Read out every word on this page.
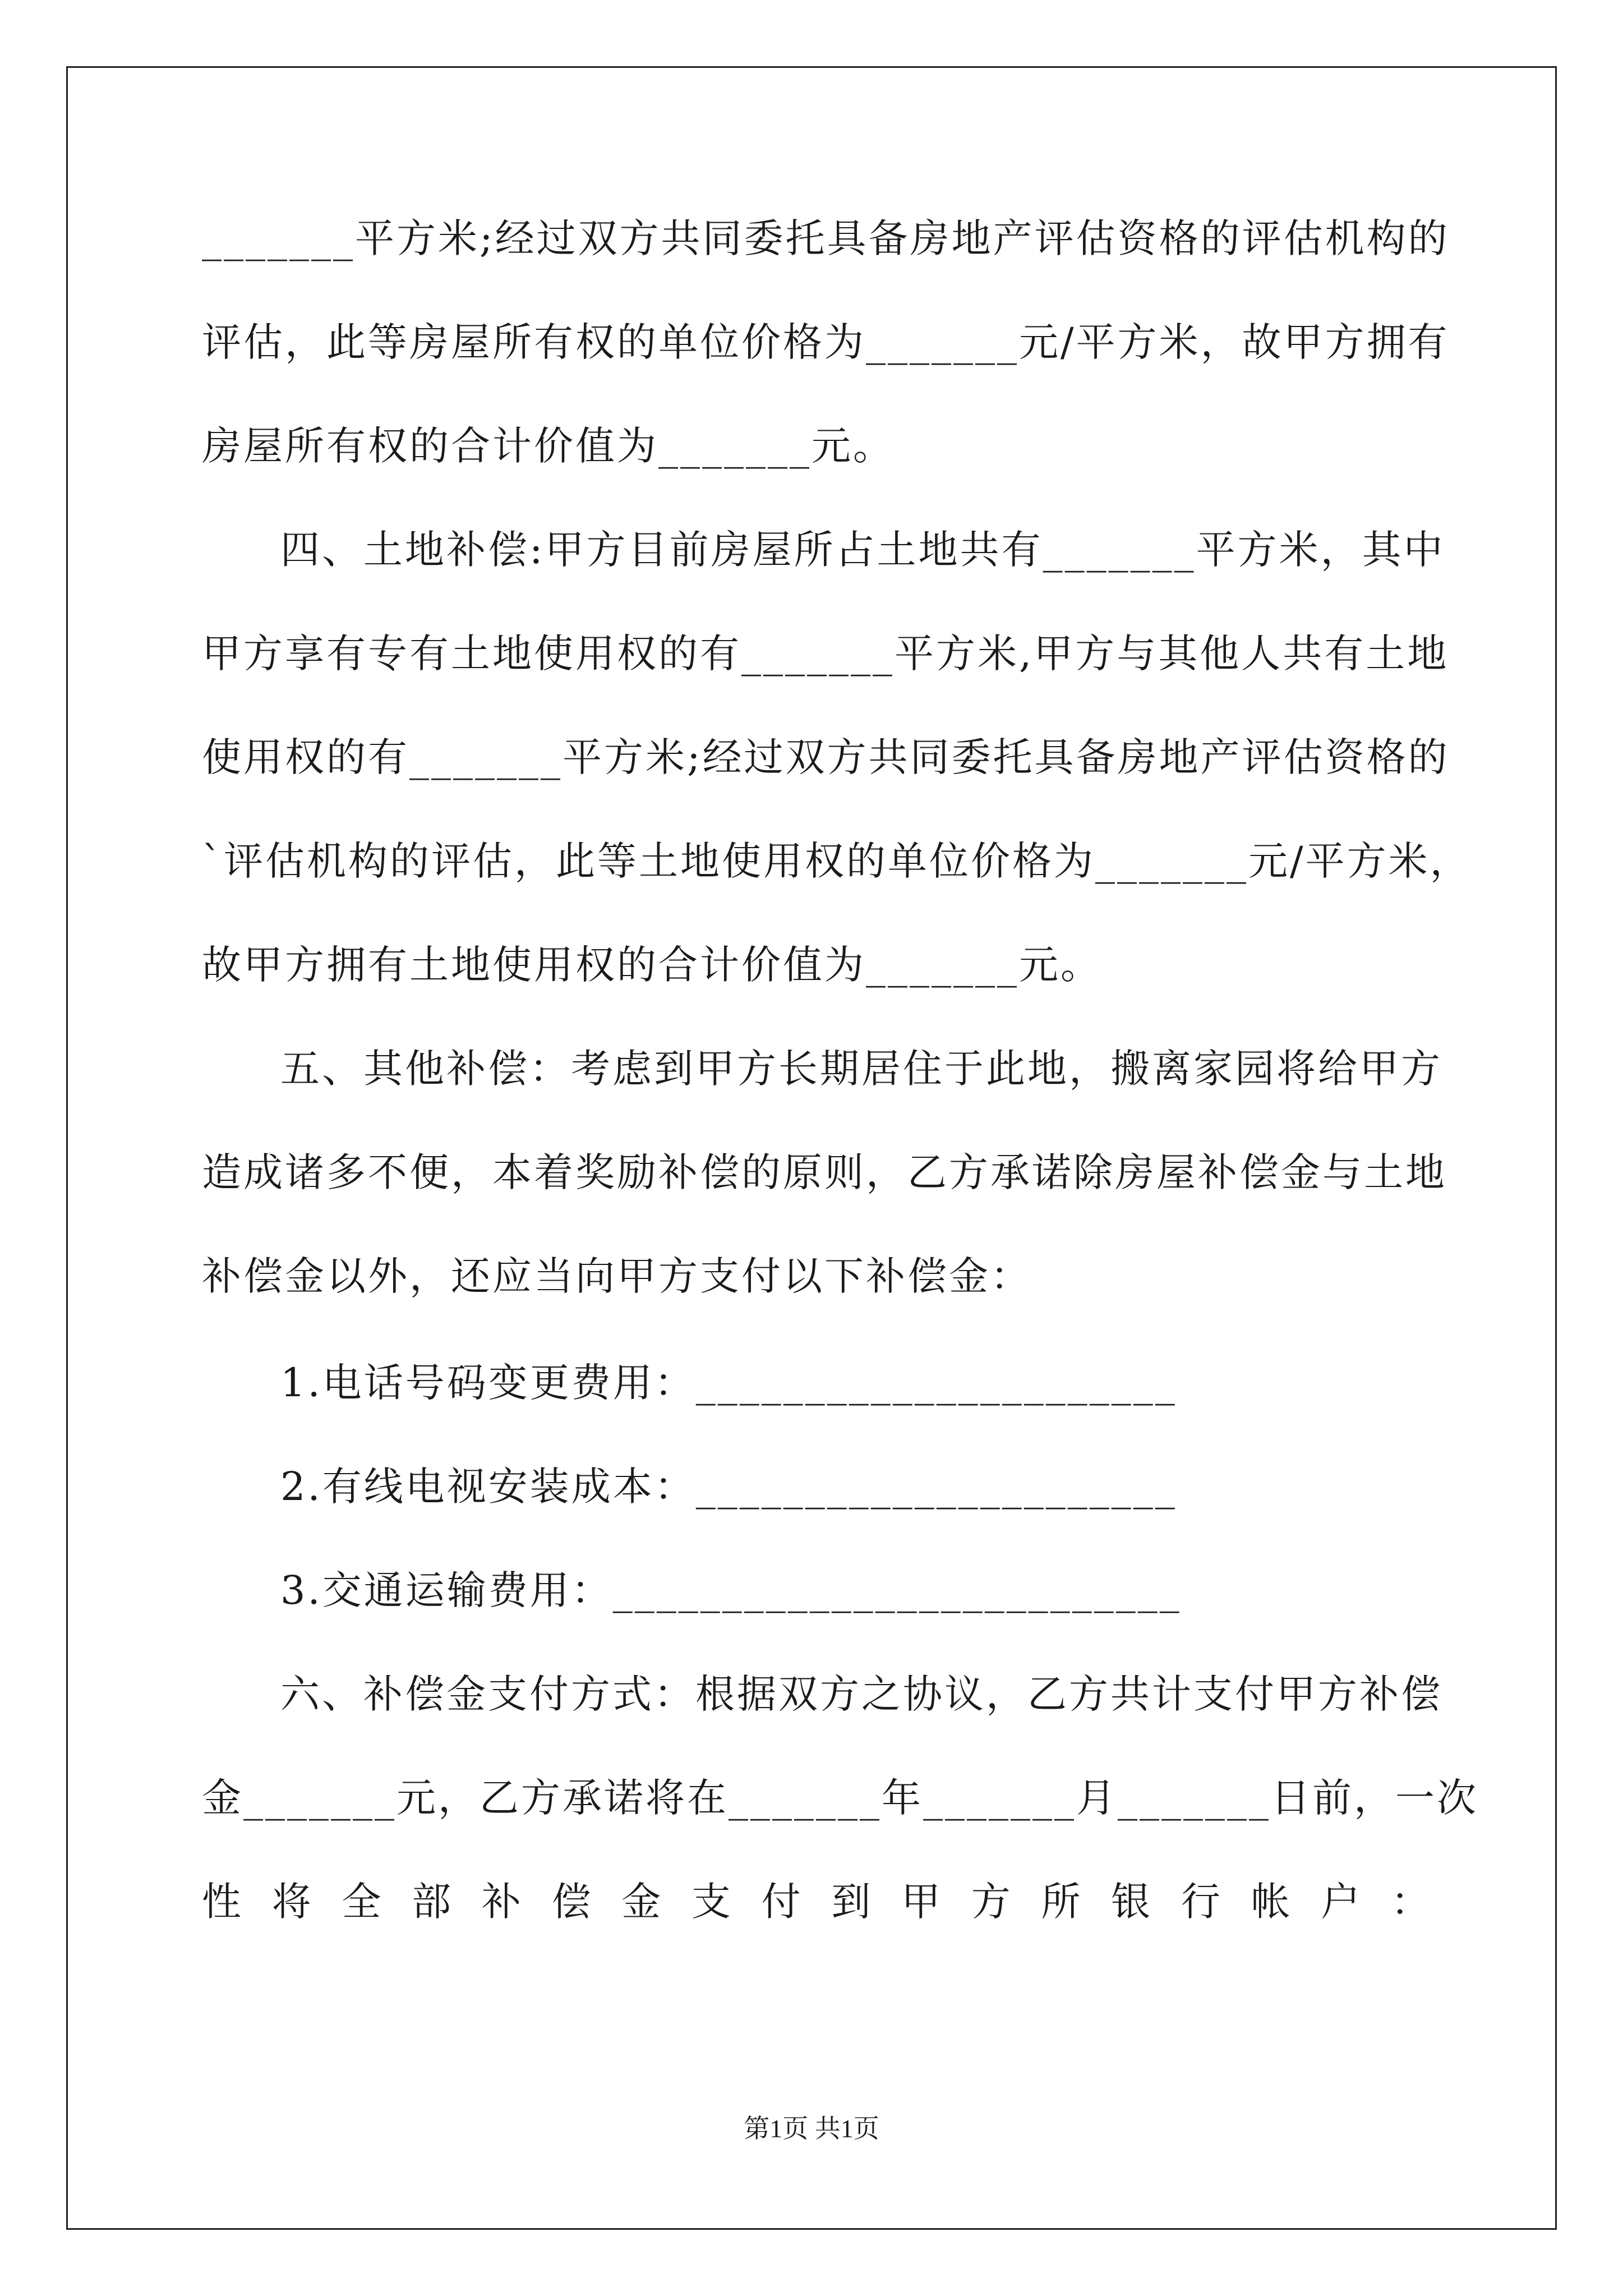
_______平方米;经过双方共同委托具备房地产评估资格的评估机构的
评估，此等房屋所有权的单位价格为_______元/平方米，故甲方拥有
房屋所有权的合计价值为_______元。
四、土地补偿:甲方目前房屋所占土地共有_______平方米，其中
甲方享有专有土地使用权的有_______平方米,甲方与其他人共有土地
使用权的有_______平方米;经过双方共同委托具备房地产评估资格的
`评估机构的评估，此等土地使用权的单位价格为_______元/平方米，
故甲方拥有土地使用权的合计价值为_______元。
五、其他补偿：考虑到甲方长期居住于此地，搬离家园将给甲方
造成诸多不便，本着奖励补偿的原则，乙方承诺除房屋补偿金与土地
补偿金以外，还应当向甲方支付以下补偿金：
1.电话号码变更费用：______________________
2.有线电视安装成本：______________________
3.交通运输费用：__________________________
六、补偿金支付方式：根据双方之协议，乙方共计支付甲方补偿
金_______元，乙方承诺将在_______年_______月_______日前，一次
性 将 全 部 补 偿 金 支 付 到 甲 方 所 银 行 帐 户 ：
第1页 共1页
